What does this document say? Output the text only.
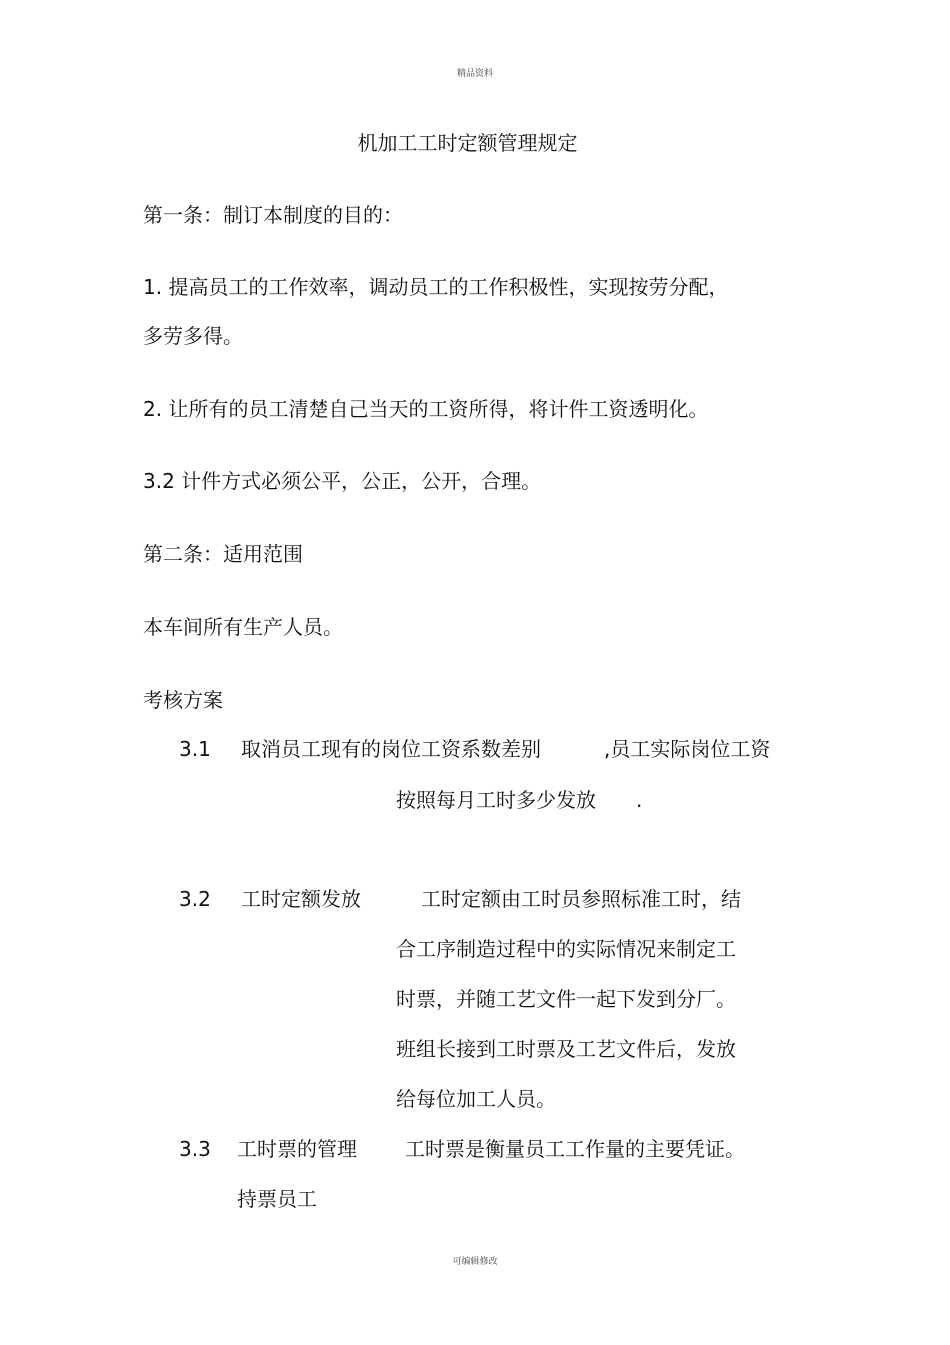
精品资料
机加工工时定额管理规定
第一条：制订本制度的目的：
1. 提高员工的工作效率，调动员工的工作积极性，实现按劳分配，
多劳多得。
2. 让所有的员工清楚自己当天的工资所得，将计件工资透明化。
3.2 计件方式必须公平，公正，公开，合理。
第二条：适用范围
本车间所有生产人员。
考核方案
3.1 取消员工现有的岗位工资系数差别	,员工实际岗位工资
按照每月工时多少发放 .
3.2 工时定额发放	工时定额由工时员参照标准工时，结
合工序制造过程中的实际情况来制定工
时票，并随工艺文件一起下发到分厂。
班组长接到工时票及工艺文件后，发放
给每位加工人员。
3.3 工时票的管理 工时票是衡量员工工作量的主要凭证。
持票员工
可编辑修改
